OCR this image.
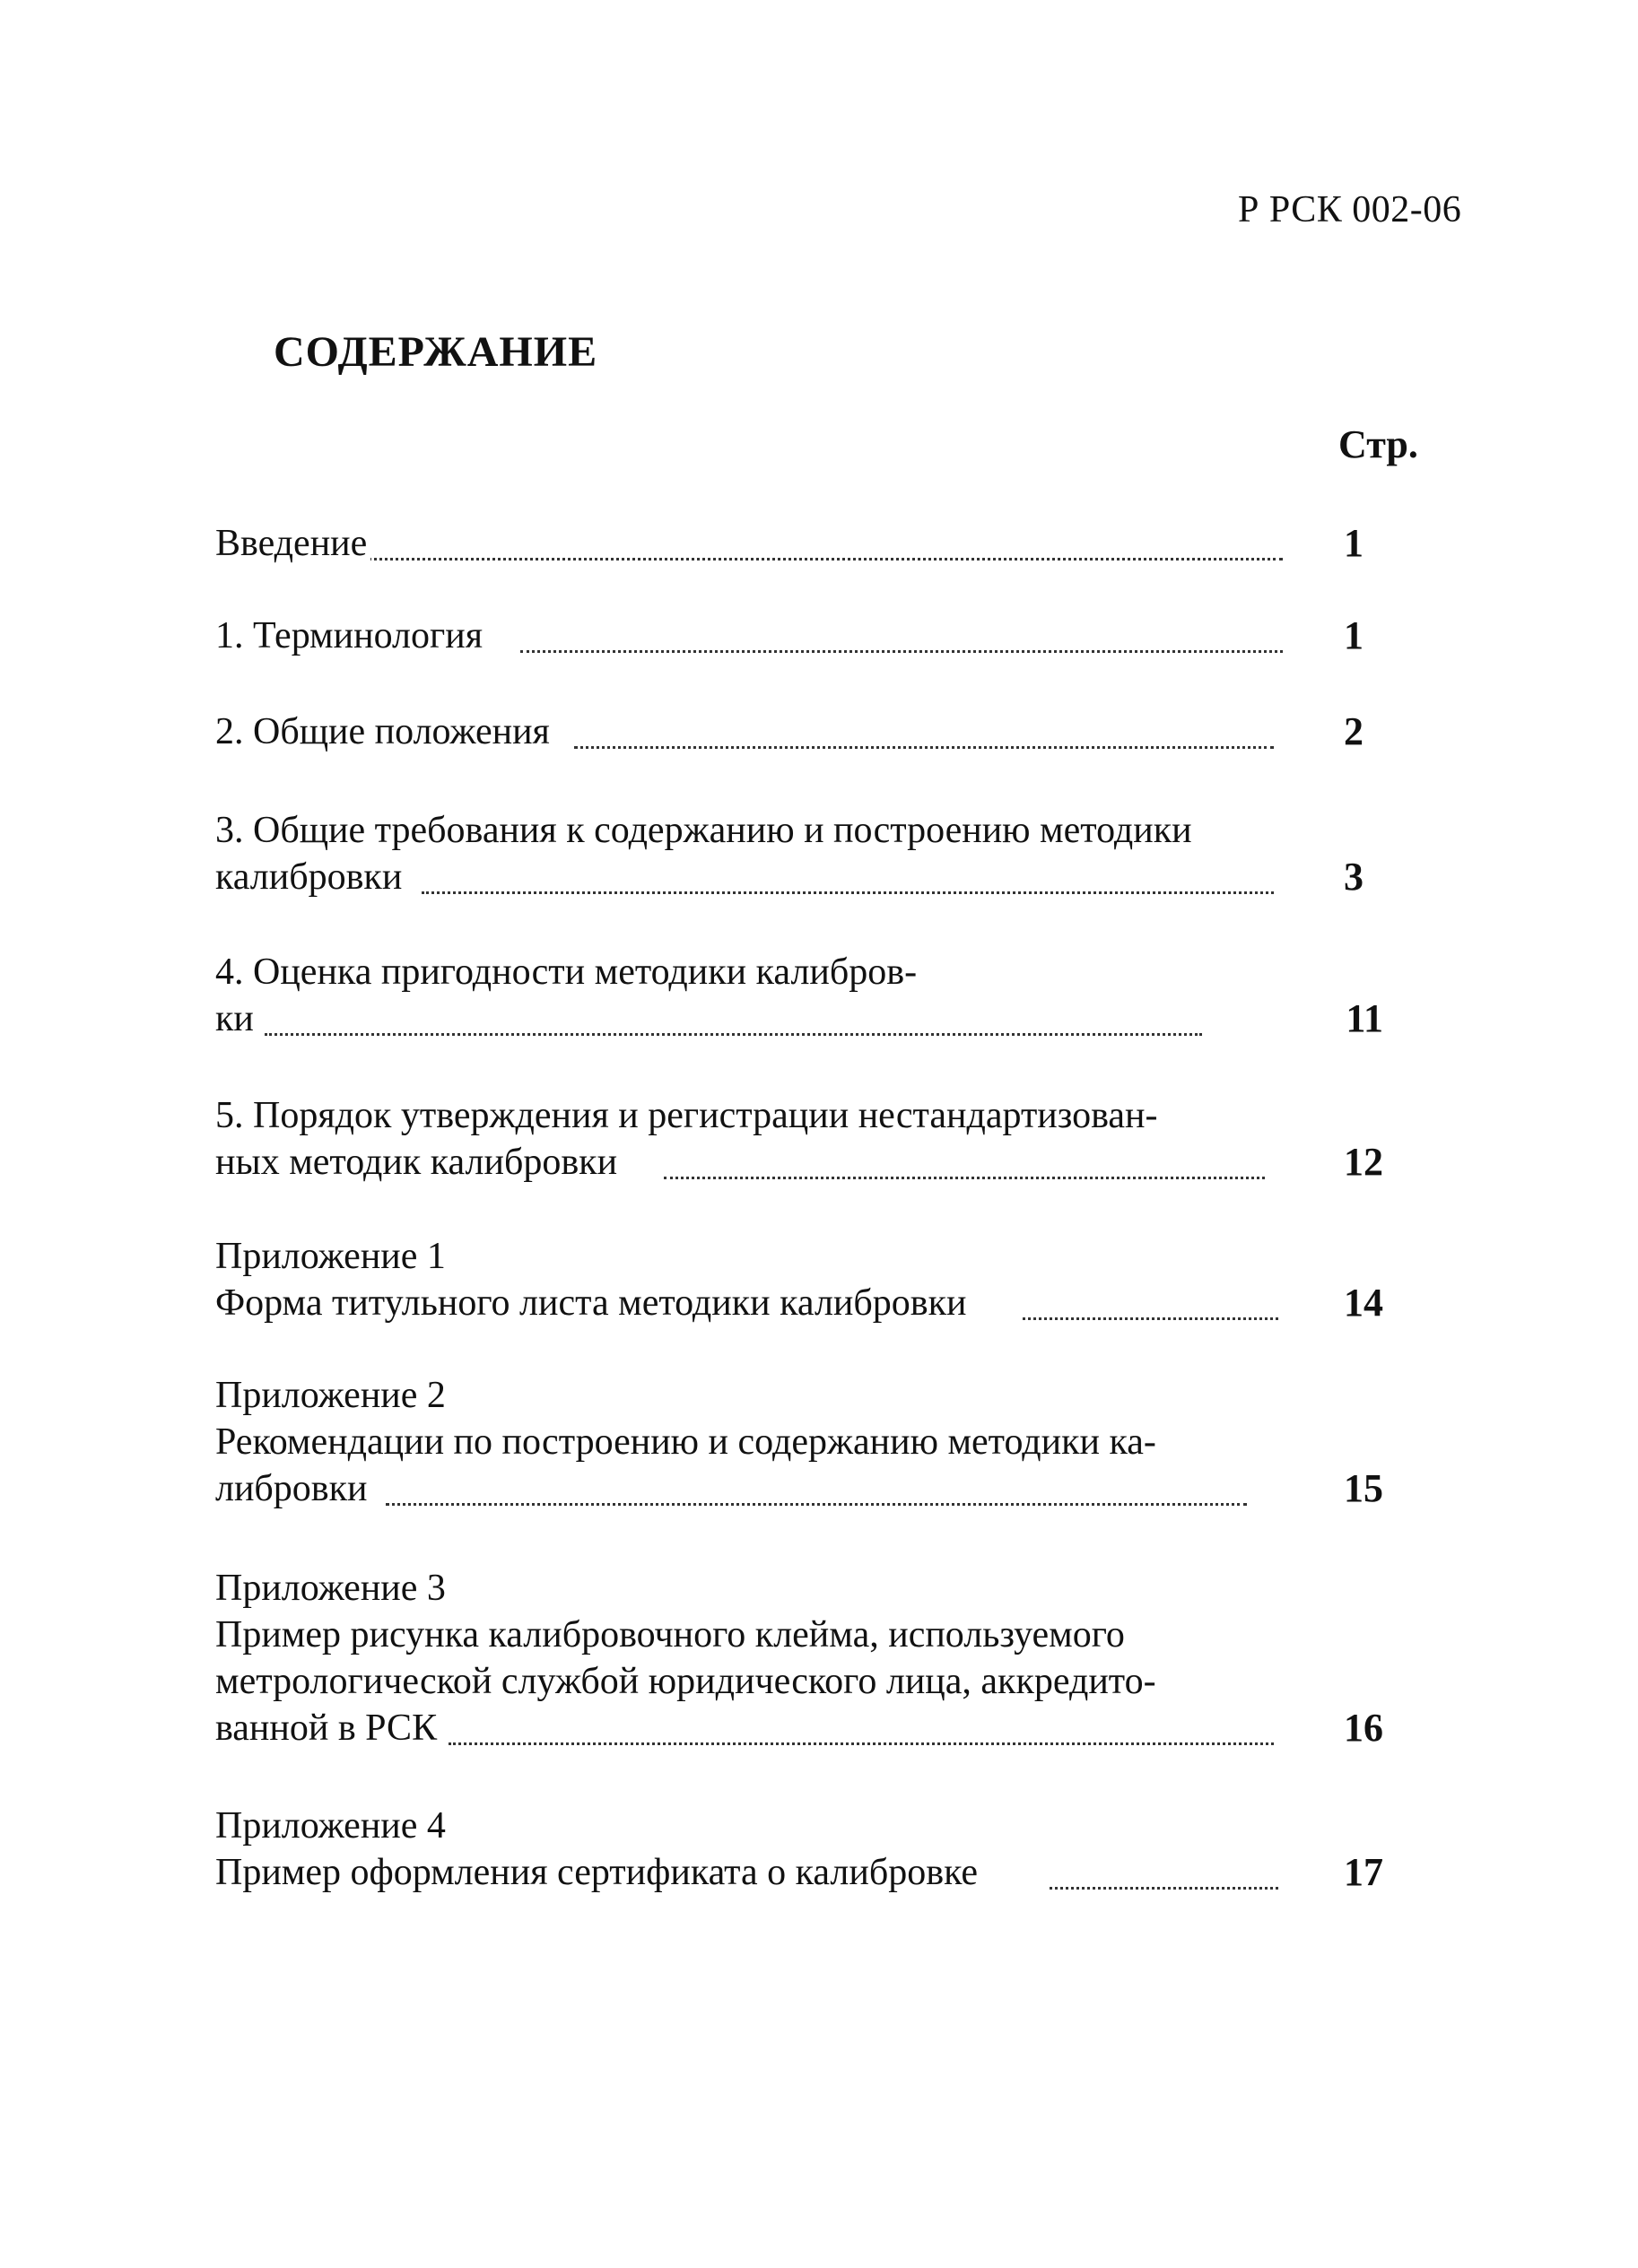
Р РСК 002-06
СОДЕРЖАНИЕ
Стр.
Введение	1
1. Терминология	1
2. Общие положения	2
3. Общие требования к содержанию и построению методики
калибровки	3
4. Оценка пригодности методики калибров-
ки	11
5. Порядок утверждения и регистрации нестандартизован-
ных методик калибровки	12
Приложение 1
Форма титульного листа методики калибровки	14
Приложение 2
Рекомендации по построению и содержанию методики ка-
либровки	15
Приложение 3
Пример рисунка калибровочного клейма, используемого
метрологической службой юридического лица, аккредито-
ванной в РСК	16
Приложение 4
Пример оформления сертификата о калибровке	17
